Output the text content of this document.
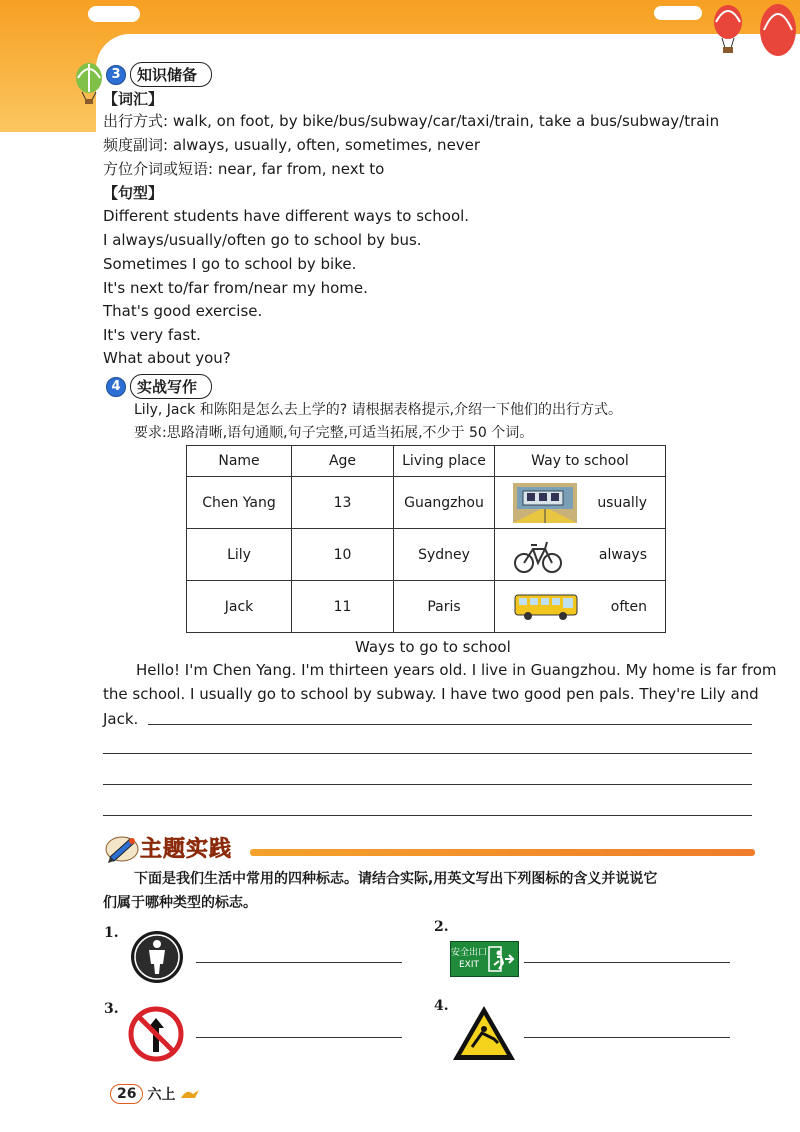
3	知识储备
【词汇】
出行方式: walk, on foot, by bike/bus/subway/car/taxi/train, take a bus/subway/train
频度副词: always, usually, often, sometimes, never
方位介词或短语: near, far from, next to
【句型】
Different students have different ways to school.
I always/usually/often go to school by bus.
Sometimes I go to school by bike.
It's next to/far from/near my home.
That's good exercise.
It's very fast.
What about you?
4	实战写作
Lily, Jack 和陈阳是怎么去上学的? 请根据表格提示,介绍一下他们的出行方式。
要求:思路清晰,语句通顺,句子完整,可适当拓展,不少于 50 个词。
Name	Age	Living place	Way to school
Chen Yang	13	Guangzhou	usually

Lily	10	Sydney	always

Jack	11	Paris	often
Ways to go to school
Hello! I'm Chen Yang. I'm thirteen years old. I live in Guangzhou. My home is far from
the school. I usually go to school by subway. I have two good pen pals. They're Lily and
Jack.
主题实践
下面是我们生活中常用的四种标志。请结合实际,用英文写出下列图标的含义并说说它
们属于哪种类型的标志。
1.	2.
安全出口
EXIT
3.	4.
26 六上
